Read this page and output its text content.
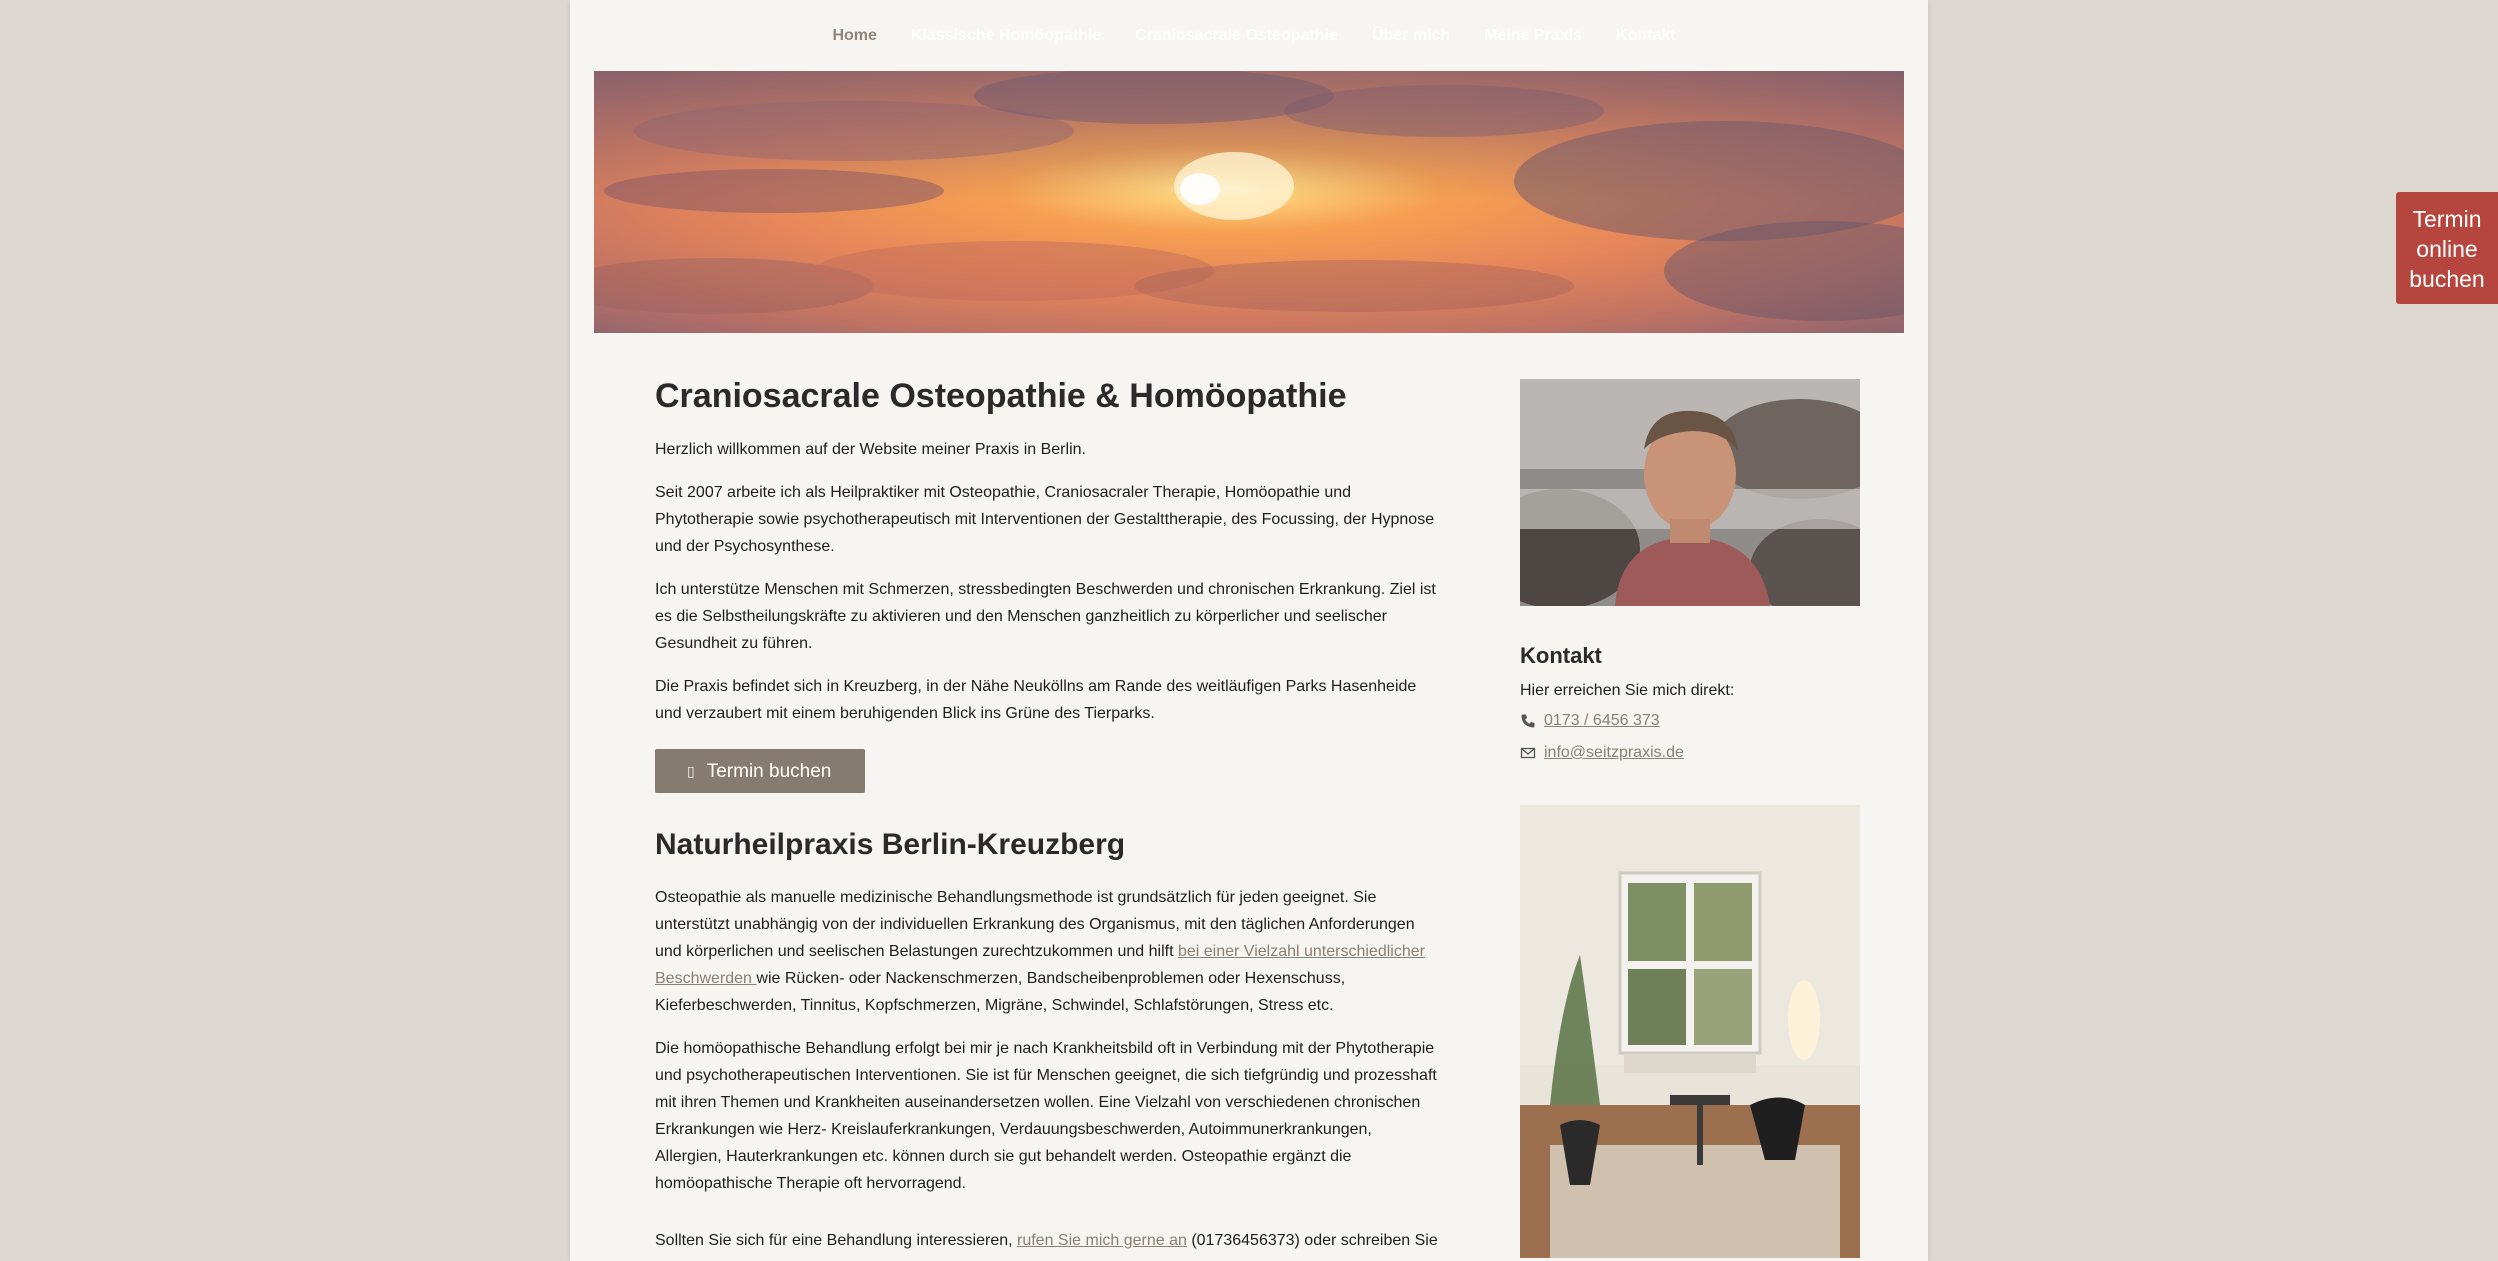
Home Klassische Homöopathie Craniosacrale Osteopathie Über mich Meine Praxis Kontakt
Craniosacrale Osteopathie & Homöopathie

Herzlich willkommen auf der Website meiner Praxis in Berlin.

Seit 2007 arbeite ich als Heilpraktiker mit Osteopathie, Craniosacraler Therapie, Homöopathie und Phytotherapie sowie psychotherapeutisch mit Interventionen der Gestalttherapie, des Focussing, der Hypnose und der Psychosynthese.

Ich unterstütze Menschen mit Schmerzen, stressbedingten Beschwerden und chronischen Erkrankung. Ziel ist es die Selbstheilungskräfte zu aktivieren und den Menschen ganzheitlich zu körperlicher und seelischer Gesundheit zu führen.

Die Praxis befindet sich in Kreuzberg, in der Nähe Neuköllns am Rande des weitläufigen Parks Hasenheide und verzaubert mit einem beruhigenden Blick ins Grüne des Tierparks.

▯ Termin buchen
Naturheilpraxis Berlin-Kreuzberg

Osteopathie als manuelle medizinische Behandlungsmethode ist grundsätzlich für jeden geeignet. Sie unterstützt unabhängig von der individuellen Erkrankung des Organismus, mit den täglichen Anforderungen und körperlichen und seelischen Belastungen zurechtzukommen und hilft bei einer Vielzahl unterschiedlicher Beschwerden wie Rücken- oder Nackenschmerzen, Bandscheibenproblemen oder Hexenschuss, Kieferbeschwerden, Tinnitus, Kopfschmerzen, Migräne, Schwindel, Schlafstörungen, Stress etc.

Die homöopathische Behandlung erfolgt bei mir je nach Krankheitsbild oft in Verbindung mit der Phytotherapie und psychotherapeutischen Interventionen. Sie ist für Menschen geeignet, die sich tiefgründig und prozesshaft mit ihren Themen und Krankheiten auseinandersetzen wollen. Eine Vielzahl von verschiedenen chronischen Erkrankungen wie Herz- Kreislauferkrankungen, Verdauungsbeschwerden, Autoimmunerkrankungen, Allergien, Hauterkrankungen etc. können durch sie gut behandelt werden. Osteopathie ergänzt die homöopathische Therapie oft hervorragend.

Sollten Sie sich für eine Behandlung interessieren, rufen Sie mich gerne an (01736456373) oder schreiben Sie

Kontakt

Hier erreichen Sie mich direkt:

0173 / 6456 373
info@seitzpraxis.de
Termin
online
buchen
